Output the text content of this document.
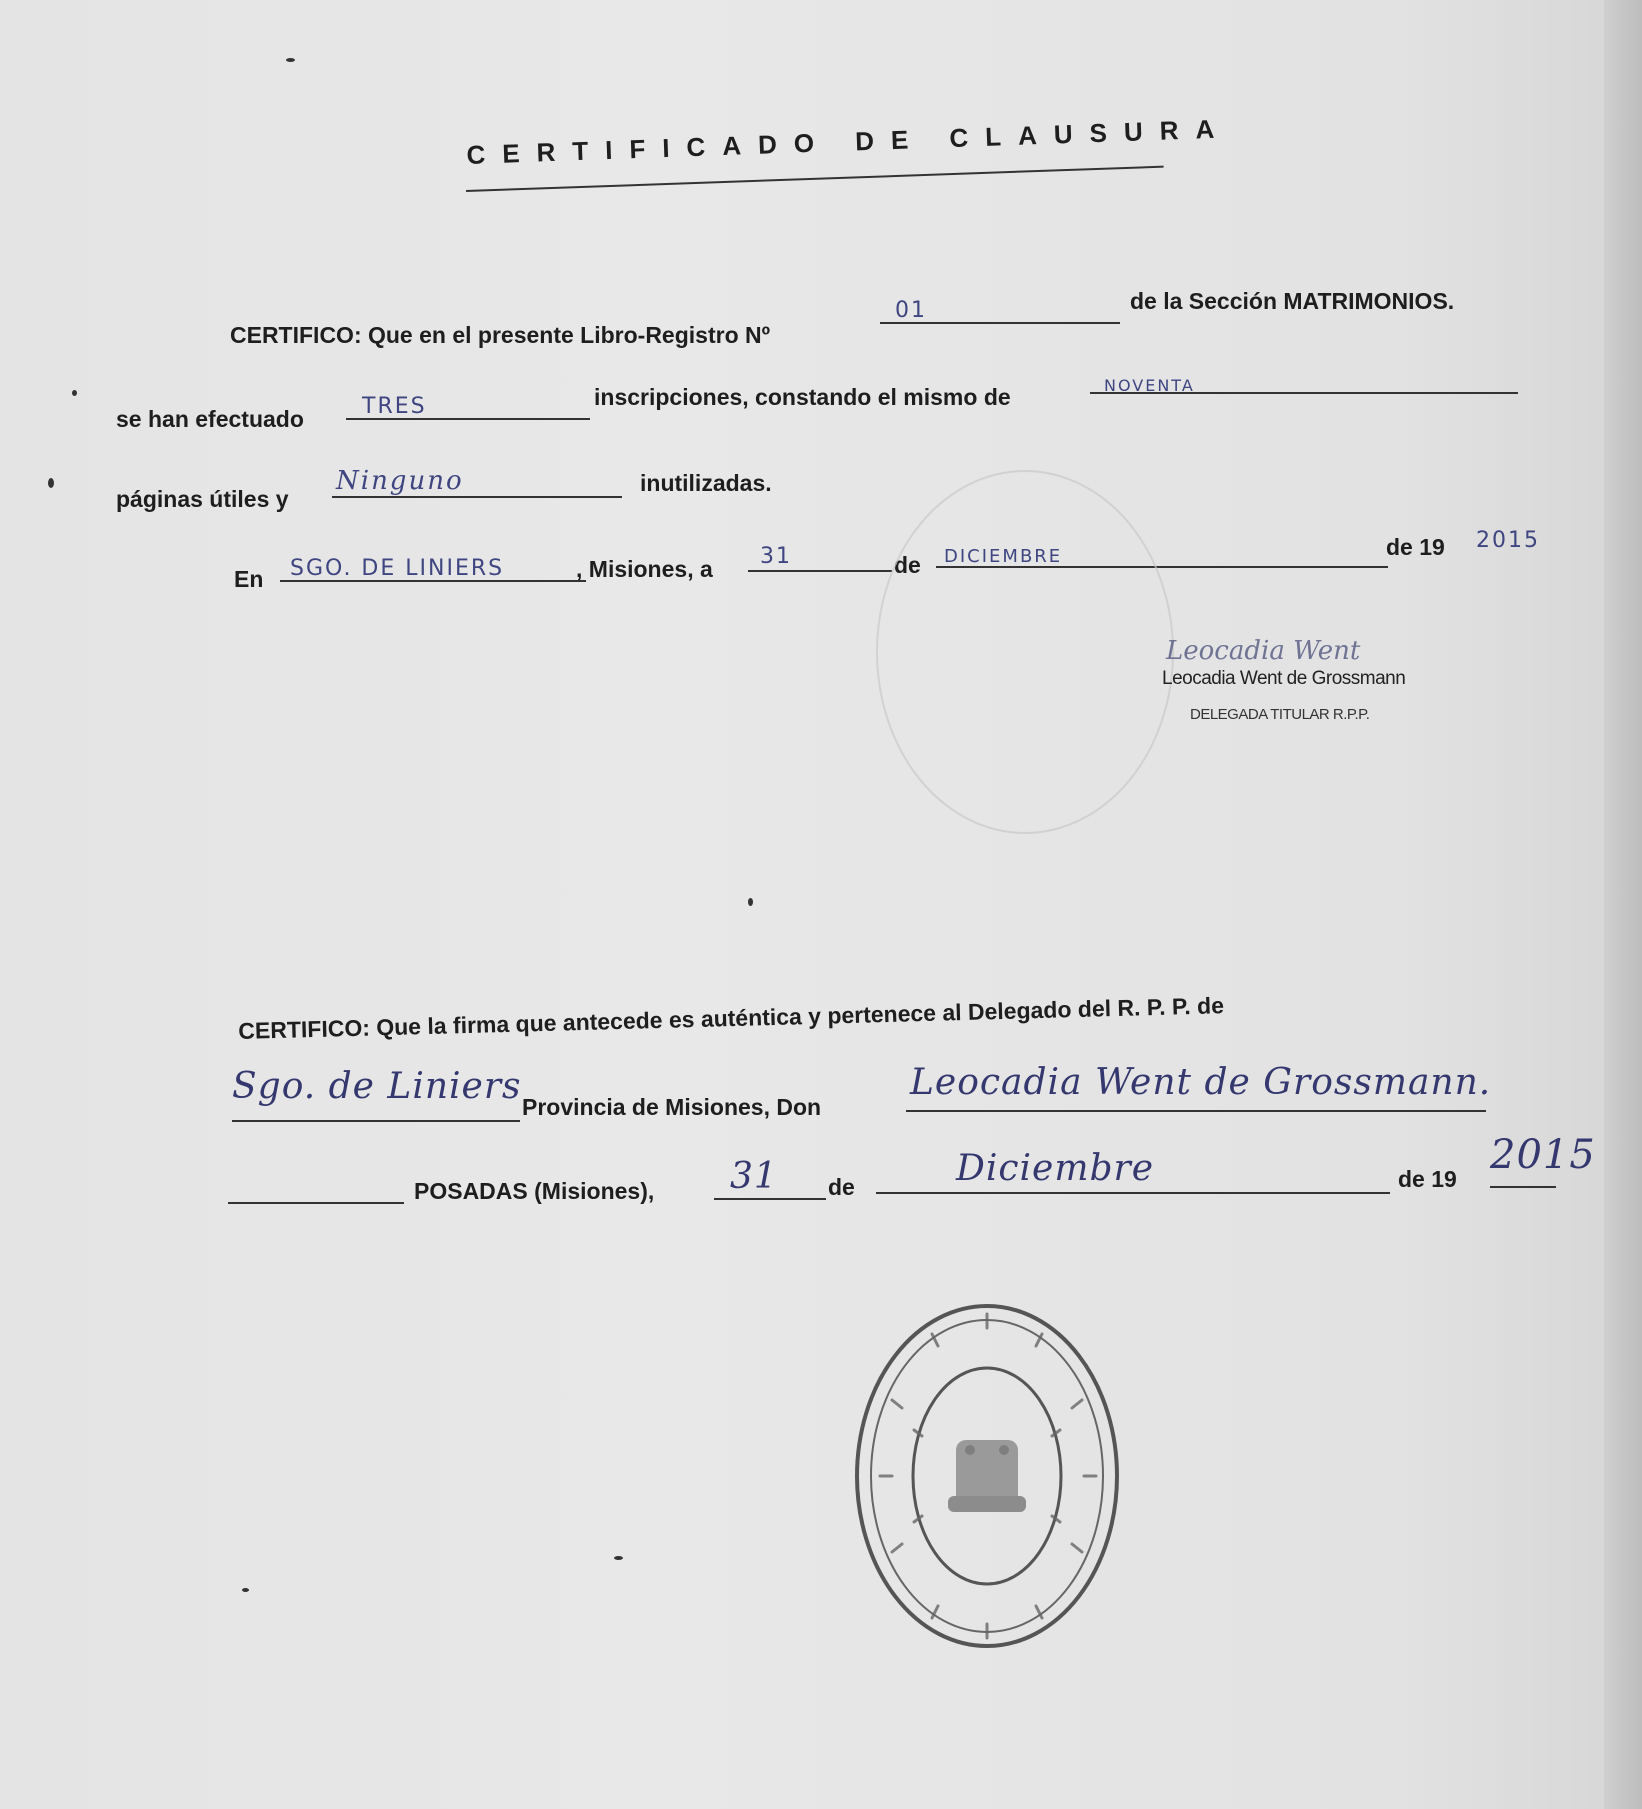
CERTIFICADO DE CLAUSURA
CERTIFICO: Que en el presente Libro-Registro Nº
01	de la Sección MATRIMONIOS.
se han efectuado	TRES	inscripciones, constando el mismo de	NOVENTA
páginas útiles y
Ninguno	inutilizadas.
En SGO. DE LINIERS	, Misiones, a 31	de DICIEMBRE	de 19 2015
Leocadia Went
Leocadia Went de Grossmann
DELEGADA TITULAR R.P.P.
CERTIFICO: Que la firma que antecede es auténtica y pertenece al Delegado del R. P. P. de
Sgo. de Liniers Provincia de Misiones, Don
Leocadia Went de Grossmann.
POSADAS (Misiones), 31 de	Diciembre	de 19
2015
